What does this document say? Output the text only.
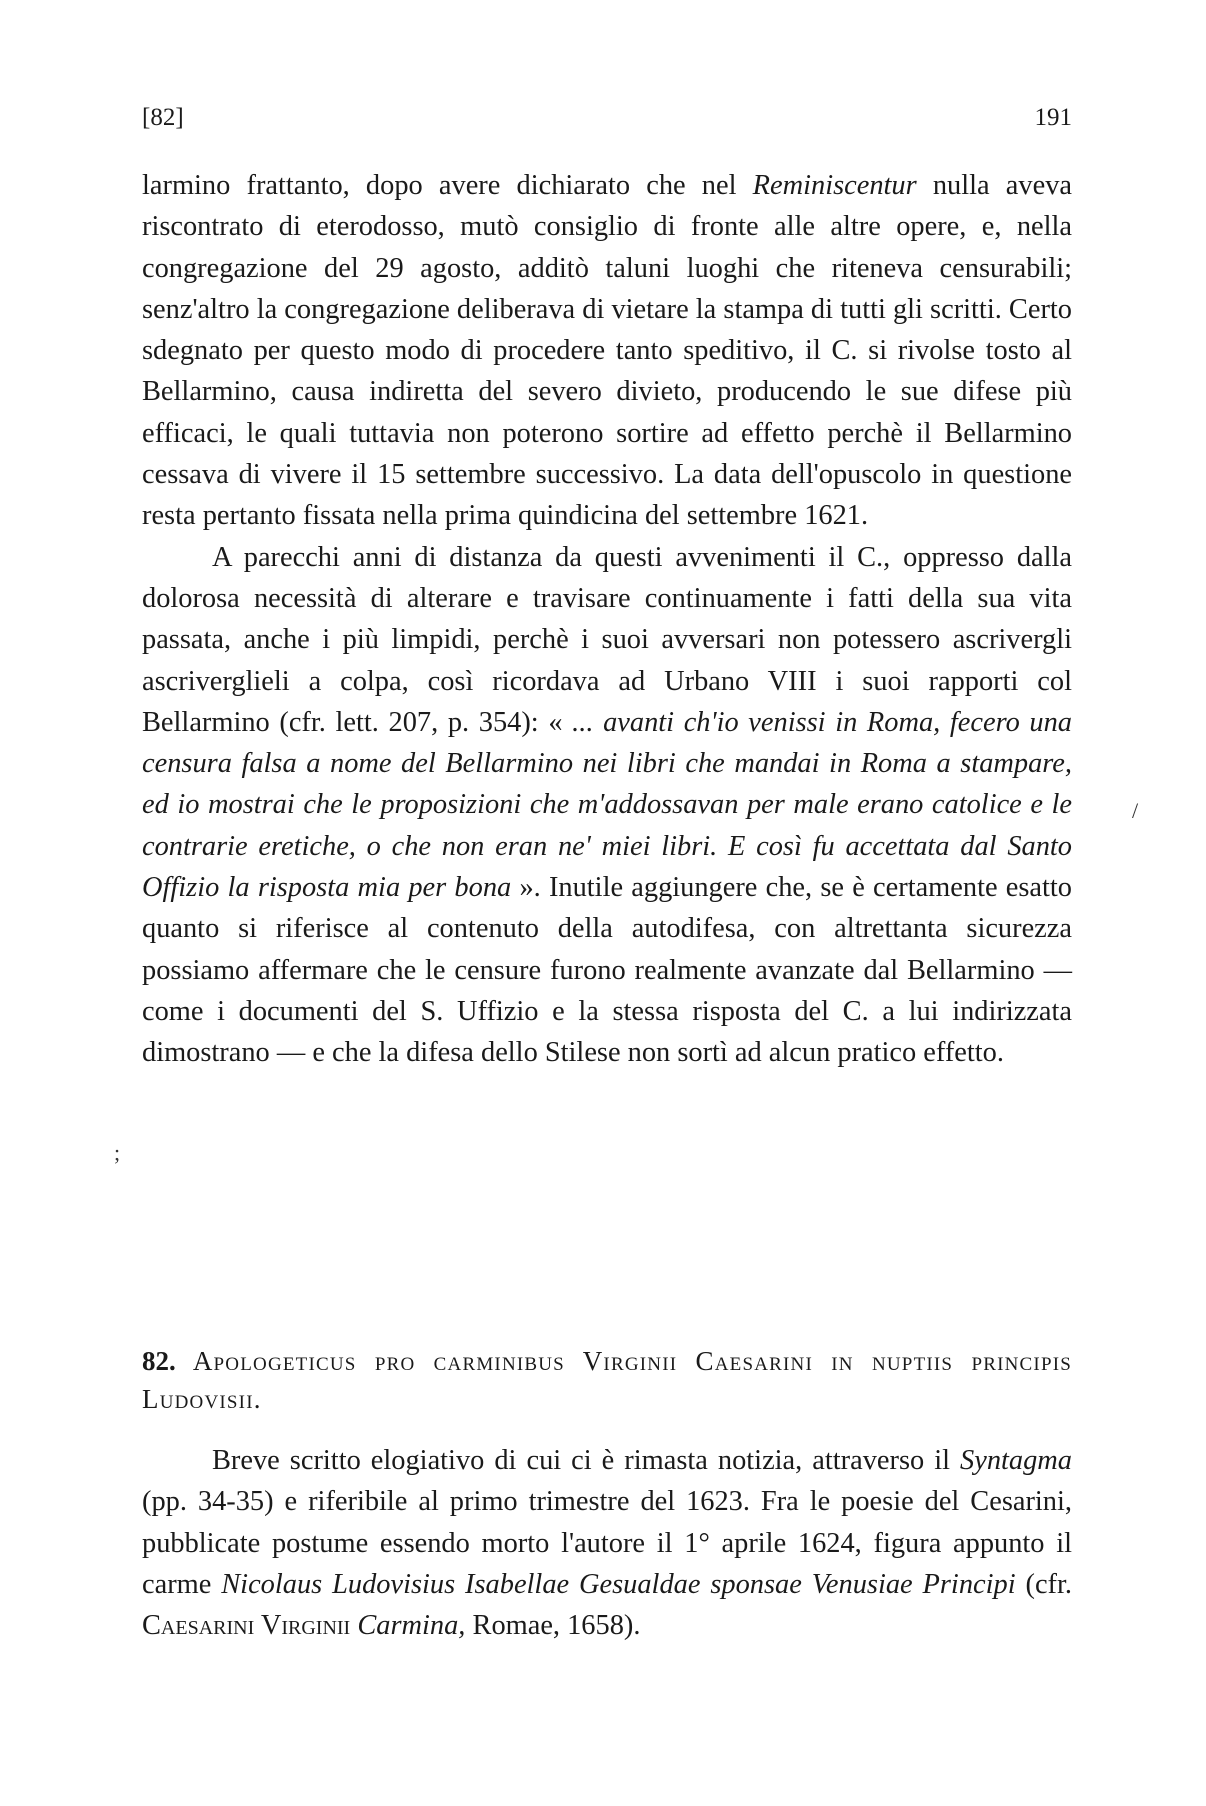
[82]	191

larmino frattanto, dopo avere dichiarato che nel Reminiscentur nulla aveva riscontrato di eterodosso, mutò consiglio di fronte alle altre opere, e, nella congregazione del 29 agosto, additò taluni luoghi che riteneva censurabili; senz'altro la congregazione deliberava di vietare la stampa di tutti gli scritti. Certo sdegnato per questo modo di procedere tanto speditivo, il C. si rivolse tosto al Bellarmino, causa indiretta del severo divieto, producendo le sue difese più efficaci, le quali tuttavia non poterono sortire ad effetto perchè il Bellarmino cessava di vivere il 15 settembre successivo. La data dell'opuscolo in questione resta pertanto fissata nella prima quindicina del settembre 1621.

A parecchi anni di distanza da questi avvenimenti il C., oppresso dalla dolorosa necessità di alterare e travisare continuamente i fatti della sua vita passata, anche i più limpidi, perchè i suoi avversari non potessero ascrivergli ascriverglieli a colpa, così ricordava ad Urbano VIII i suoi rapporti col Bellarmino (cfr. lett. 207, p. 354): « ... avanti ch'io venissi in Roma, fecero una censura falsa a nome del Bellarmino nei libri che mandai in Roma a stampare, ed io mostrai che le proposizioni che m'addossavan per male erano catolice e le contrarie eretiche, o che non eran ne' miei libri. E così fu accettata dal Santo Offizio la risposta mia per bona ». Inutile aggiungere che, se è certamente esatto quanto si riferisce al contenuto della autodifesa, con altrettanta sicurezza possiamo affermare che le censure furono realmente avanzate dal Bellarmino — come i documenti del S. Uffizio e la stessa risposta del C. a lui indirizzata dimostrano — e che la difesa dello Stilese non sortì ad alcun pratico effetto.

82. Apologeticus pro carminibus Virginii Caesarini in nuptiis principis Ludovisii.

Breve scritto elogiativo di cui ci è rimasta notizia, attraverso il Syntagma (pp. 34-35) e riferibile al primo trimestre del 1623. Fra le poesie del Cesarini, pubblicate postume essendo morto l'autore il 1° aprile 1624, figura appunto il carme Nicolaus Ludovisius Isabellae Gesualdae sponsae Venusiae Principi (cfr. Caesarini Virginii Carmina, Romae, 1658).

/
;
